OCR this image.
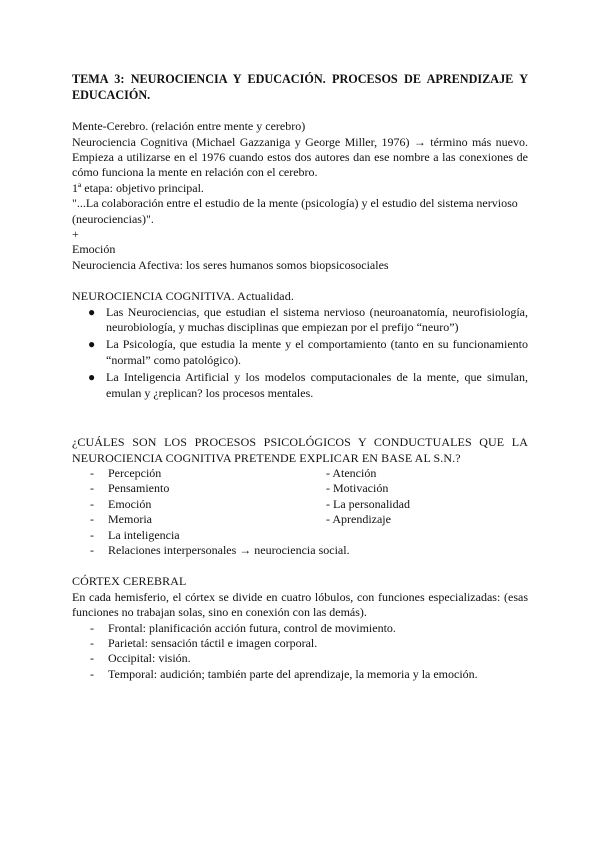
TEMA 3: NEUROCIENCIA Y EDUCACIÓN. PROCESOS DE APRENDIZAJE Y
EDUCACIÓN.

Mente-Cerebro. (relación entre mente y cerebro)

Neurociencia Cognitiva (Michael Gazzaniga y George Miller, 1976) → término más nuevo. Empieza a utilizarse en el 1976 cuando estos dos autores dan ese nombre a las conexiones de cómo funciona la mente en relación con el cerebro.

1ª etapa: objetivo principal.

"...La colaboración entre el estudio de la mente (psicología) y el estudio del sistema nervioso (neurociencias)".

+

Emoción

Neurociencia Afectiva: los seres humanos somos biopsicosociales

NEUROCIENCIA COGNITIVA. Actualidad.

● Las Neurociencias, que estudian el sistema nervioso (neuroanatomía, neurofisiología, neurobiología, y muchas disciplinas que empiezan por el prefijo “neuro”)
● La Psicología, que estudia la mente y el comportamiento (tanto en su funcionamiento “normal” como patológico).
● La Inteligencia Artificial y los modelos computacionales de la mente, que simulan, emulan y ¿replican? los procesos mentales.

¿CUÁLES SON LOS PROCESOS PSICOLÓGICOS Y CONDUCTUALES QUE LA NEUROCIENCIA COGNITIVA PRETENDE EXPLICAR EN BASE AL S.N.?

- Percepción	- Atención
- Pensamiento	- Motivación
- Emoción	- La personalidad
- Memoria	- Aprendizaje
- La inteligencia
- Relaciones interpersonales → neurociencia social.

CÓRTEX CEREBRAL

En cada hemisferio, el córtex se divide en cuatro lóbulos, con funciones especializadas: (esas funciones no trabajan solas, sino en conexión con las demás).

- Frontal: planificación acción futura, control de movimiento.
- Parietal: sensación táctil e imagen corporal.
- Occipital: visión.
- Temporal: audición; también parte del aprendizaje, la memoria y la emoción.
